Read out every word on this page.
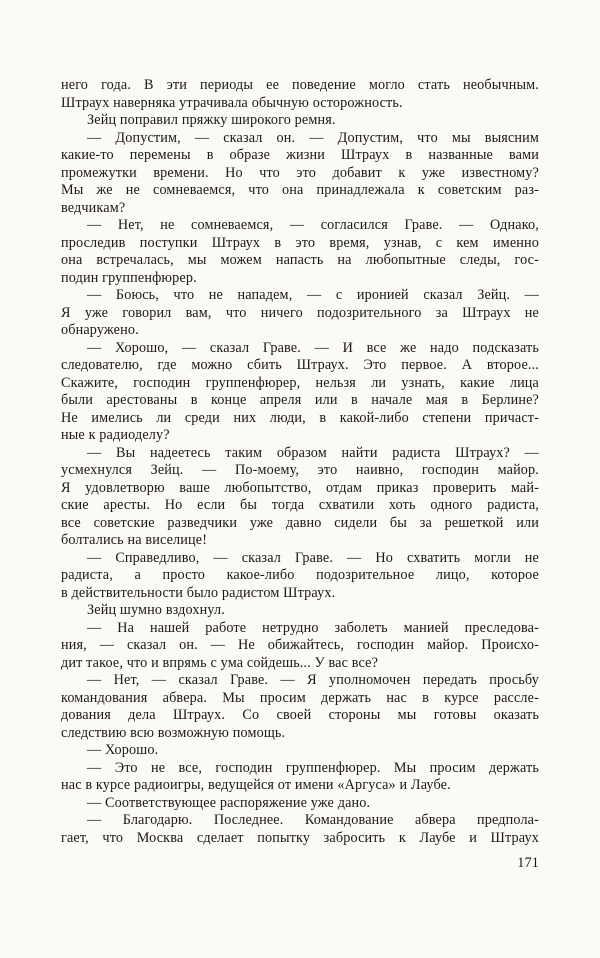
него года. В эти периоды ее поведение могло стать необычным.
Штраух наверняка утрачивала обычную осторожность.
Зейц поправил пряжку широкого ремня.
— Допустим, — сказал он. — Допустим, что мы выясним
какие-то перемены в образе жизни Штраух в названные вами
промежутки времени. Но что это добавит к уже известному?
Мы же не сомневаемся, что она принадлежала к советским раз-
ведчикам?
— Нет, не сомневаемся, — согласился Граве. — Однако,
проследив поступки Штраух в это время, узнав, с кем именно
она встречалась, мы можем напасть на любопытные следы, гос-
подин группенфюрер.
— Боюсь, что не нападем, — с иронией сказал Зейц. —
Я уже говорил вам, что ничего подозрительного за Штраух не
обнаружено.
— Хорошо, — сказал Граве. — И все же надо подсказать
следователю, где можно сбить Штраух. Это первое. А второе...
Скажите, господин группенфюрер, нельзя ли узнать, какие лица
были арестованы в конце апреля или в начале мая в Берлине?
Не имелись ли среди них люди, в какой-либо степени причаст-
ные к радиоделу?
— Вы надеетесь таким образом найти радиста Штраух? —
усмехнулся Зейц. — По-моему, это наивно, господин майор.
Я удовлетворю ваше любопытство, отдам приказ проверить май-
ские аресты. Но если бы тогда схватили хоть одного радиста,
все советские разведчики уже давно сидели бы за решеткой или
болтались на виселице!
— Справедливо, — сказал Граве. — Но схватить могли не
радиста, а просто какое-либо подозрительное лицо, которое
в действительности было радистом Штраух.
Зейц шумно вздохнул.
— На нашей работе нетрудно заболеть манией преследова-
ния, — сказал он. — Не обижайтесь, господин майор. Происхо-
дит такое, что и впрямь с ума сойдешь... У вас все?
— Нет, — сказал Граве. — Я уполномочен передать просьбу
командования абвера. Мы просим держать нас в курсе рассле-
дования дела Штраух. Со своей стороны мы готовы оказать
следствию всю возможную помощь.
— Хорошо.
— Это не все, господин группенфюрер. Мы просим держать
нас в курсе радиоигры, ведущейся от имени «Аргуса» и Лаубе.
— Соответствующее распоряжение уже дано.
— Благодарю. Последнее. Командование абвера предпола-
гает, что Москва сделает попытку забросить к Лаубе и Штраух
171
